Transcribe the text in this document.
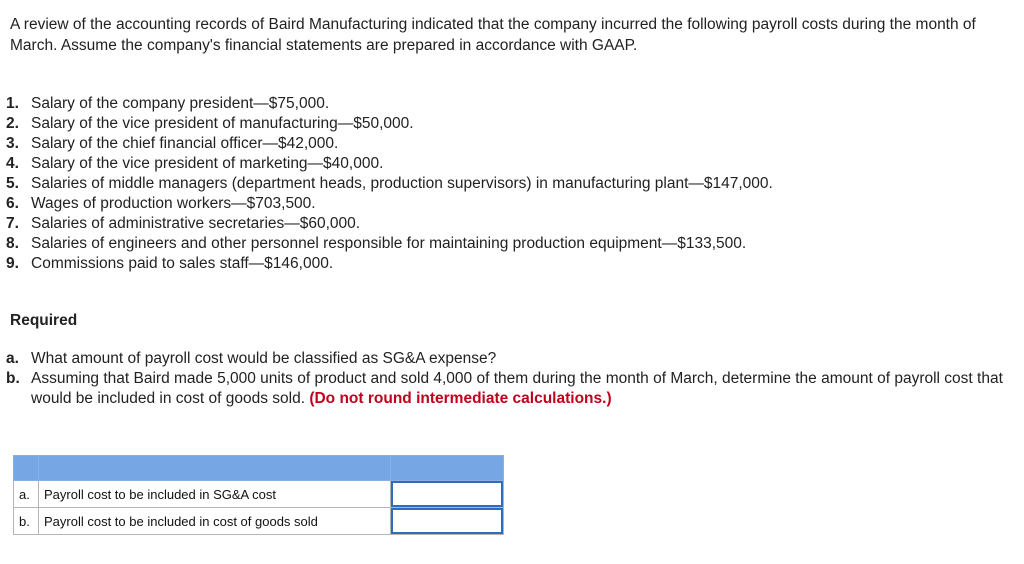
A review of the accounting records of Baird Manufacturing indicated that the company incurred the following payroll costs during the month of March. Assume the company's financial statements are prepared in accordance with GAAP.

1. Salary of the company president—$75,000.
2. Salary of the vice president of manufacturing—$50,000.
3. Salary of the chief financial officer—$42,000.
4. Salary of the vice president of marketing—$40,000.
5. Salaries of middle managers (department heads, production supervisors) in manufacturing plant—$147,000.
6. Wages of production workers—$703,500.
7. Salaries of administrative secretaries—$60,000.
8. Salaries of engineers and other personnel responsible for maintaining production equipment—$133,500.
9. Commissions paid to sales staff—$146,000.

Required

a. What amount of payroll cost would be classified as SG&A expense?
b. Assuming that Baird made 5,000 units of product and sold 4,000 of them during the month of March, determine the amount of payroll cost that would be included in cost of goods sold. (Do not round intermediate calculations.)

a.	Payroll cost to be included in SG&A cost	

b.	Payroll cost to be included in cost of goods sold	
